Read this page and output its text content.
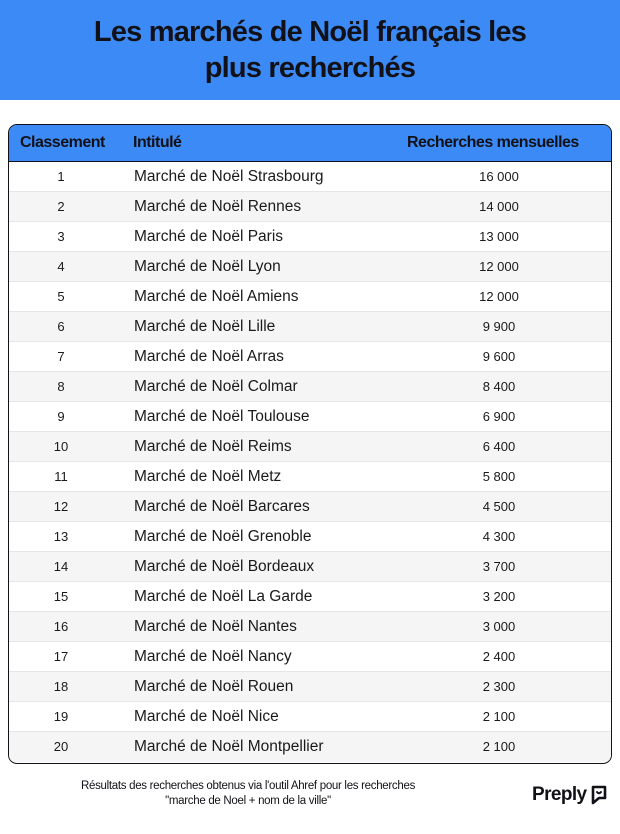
Les marchés de Noël français les
plus recherchés
Classement Intitulé	Recherches mensuelles
1	Marché de Noël Strasbourg	16 000
2	Marché de Noël Rennes	14 000
3	Marché de Noël Paris	13 000
4	Marché de Noël Lyon	12 000
5	Marché de Noël Amiens	12 000
6	Marché de Noël Lille	9 900
7	Marché de Noël Arras	9 600
8	Marché de Noël Colmar	8 400
9	Marché de Noël Toulouse	6 900
10	Marché de Noël Reims	6 400
11	Marché de Noël Metz	5 800
12	Marché de Noël Barcares	4 500
13	Marché de Noël Grenoble	4 300
14	Marché de Noël Bordeaux	3 700
15	Marché de Noël La Garde	3 200
16	Marché de Noël Nantes	3 000
17	Marché de Noël Nancy	2 400
18	Marché de Noël Rouen	2 300
19	Marché de Noël Nice	2 100
20	Marché de Noël Montpellier	2 100
Résultats des recherches obtenus via l'outil Ahref pour les recherches
"marche de Noel + nom de la ville"	Preply
